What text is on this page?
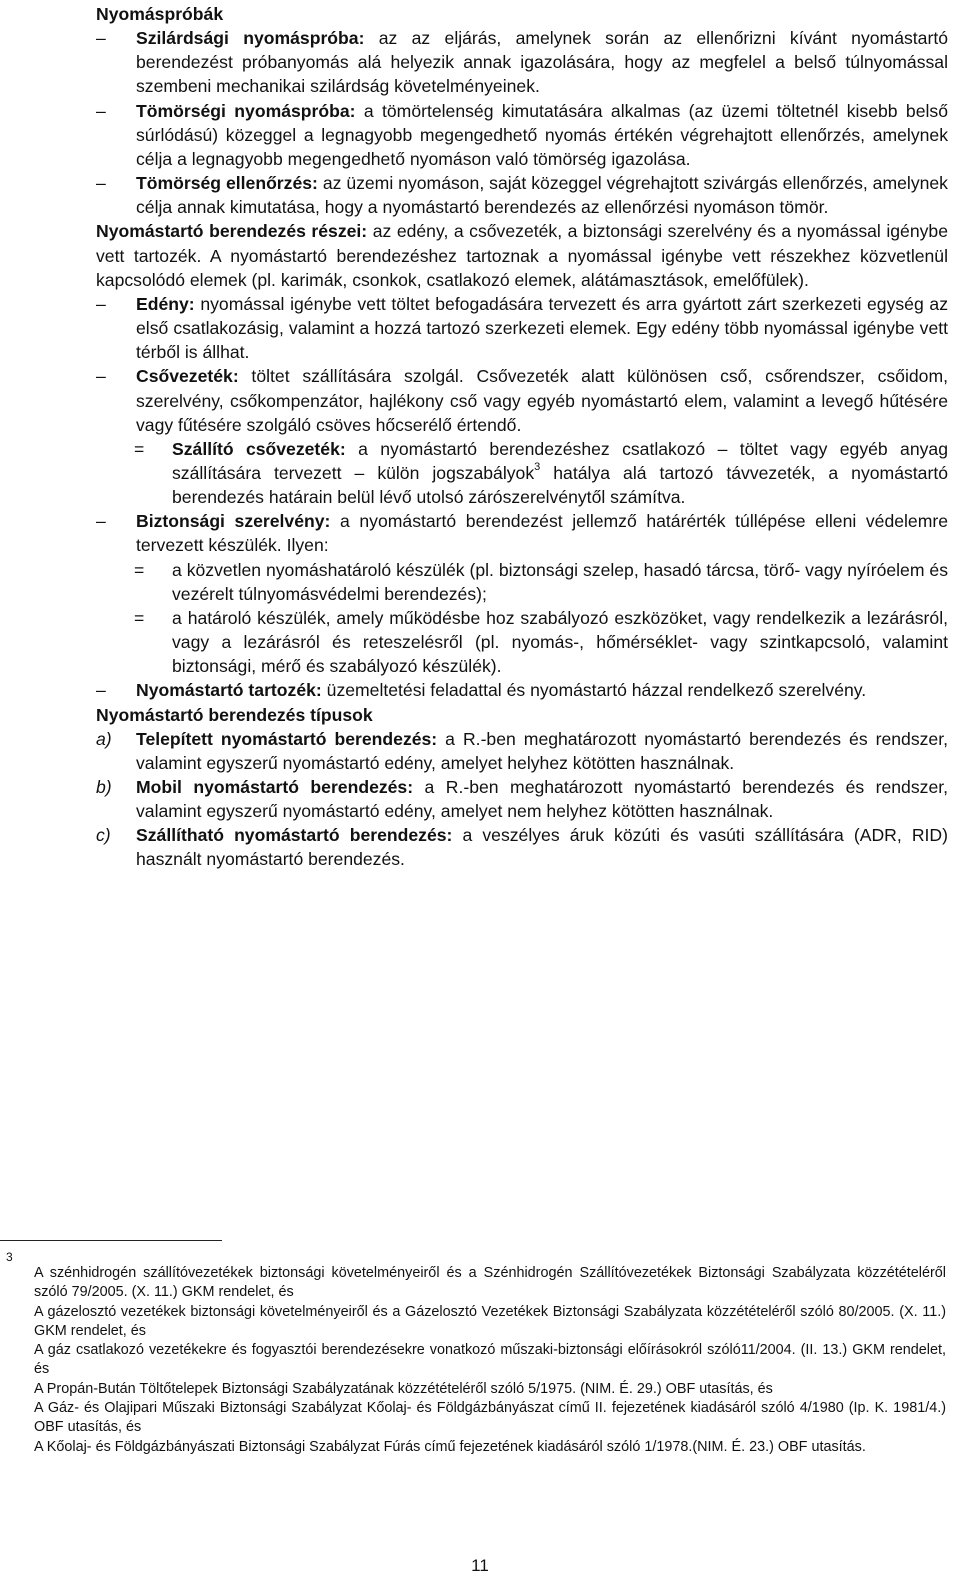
Nyomáspróbák

–	Szilárdsági nyomáspróba: az az eljárás, amelynek során az ellenőrizni kívánt nyomástartó berendezést próbanyomás alá helyezik annak igazolására, hogy az megfelel a belső túlnyomással szembeni mechanikai szilárdság követelményeinek.
–	Tömörségi nyomáspróba: a tömörtelenség kimutatására alkalmas (az üzemi töltetnél kisebb belső súrlódású) közeggel a legnagyobb megengedhető nyomás értékén végrehajtott ellenőrzés, amelynek célja a legnagyobb megengedhető nyomáson való tömörség igazolása.
–	Tömörség ellenőrzés: az üzemi nyomáson, saját közeggel végrehajtott szivárgás ellenőrzés, amelynek célja annak kimutatása, hogy a nyomástartó berendezés az ellenőrzési nyomáson tömör.

Nyomástartó berendezés részei: az edény, a csővezeték, a biztonsági szerelvény és a nyomással igénybe vett tartozék. A nyomástartó berendezéshez tartoznak a nyomással igénybe vett részekhez közvetlenül kapcsolódó elemek (pl. karimák, csonkok, csatlakozó elemek, alátámasztások, emelőfülek).

–	Edény: nyomással igénybe vett töltet befogadására tervezett és arra gyártott zárt szerkezeti egység az első csatlakozásig, valamint a hozzá tartozó szerkezeti elemek. Egy edény több nyomással igénybe vett térből is állhat.
–	Csővezeték: töltet szállítására szolgál. Csővezeték alatt különösen cső, csőrendszer, csőidom, szerelvény, csőkompenzátor, hajlékony cső vagy egyéb nyomástartó elem, valamint a levegő hűtésére vagy fűtésére szolgáló csöves hőcserélő értendő.
=	Szállító csővezeték: a nyomástartó berendezéshez csatlakozó – töltet vagy egyéb anyag szállítására tervezett – külön jogszabályok$^3$ hatálya alá tartozó távvezeték, a nyomástartó berendezés határain belül lévő utolsó zárószerelvénytől számítva.
–	Biztonsági szerelvény: a nyomástartó berendezést jellemző határérték túllépése elleni védelemre tervezett készülék. Ilyen:
=	a közvetlen nyomáshatároló készülék (pl. biztonsági szelep, hasadó tárcsa, törő- vagy nyíróelem és vezérelt túlnyomásvédelmi berendezés);
=	a határoló készülék, amely működésbe hoz szabályozó eszközöket, vagy rendelkezik a lezárásról, vagy a lezárásról és reteszelésről (pl. nyomás-, hőmérséklet- vagy szintkapcsoló, valamint biztonsági, mérő és szabályozó készülék).
–	Nyomástartó tartozék: üzemeltetési feladattal és nyomástartó házzal rendelkező szerelvény.

Nyomástartó berendezés típusok

a)	Telepített nyomástartó berendezés: a R.-ben meghatározott nyomástartó berendezés és rendszer, valamint egyszerű nyomástartó edény, amelyet helyhez kötötten használnak.
b)	Mobil nyomástartó berendezés: a R.-ben meghatározott nyomástartó berendezés és rendszer, valamint egyszerű nyomástartó edény, amelyet nem helyhez kötötten használnak.
c)	Szállítható nyomástartó berendezés: a veszélyes áruk közúti és vasúti szállítására (ADR, RID) használt nyomástartó berendezés.
3

A szénhidrogén szállítóvezetékek biztonsági követelményeiről és a Szénhidrogén Szállítóvezetékek Biztonsági Szabályzata közzétételéről szóló 79/2005. (X. 11.) GKM rendelet, és

A gázelosztó vezetékek biztonsági követelményeiről és a Gázelosztó Vezetékek Biztonsági Szabályzata közzétételéről szóló 80/2005. (X. 11.) GKM rendelet, és

A gáz csatlakozó vezetékekre és fogyasztói berendezésekre vonatkozó műszaki-biztonsági előírásokról szóló11/2004. (II. 13.) GKM rendelet, és

A Propán-Bután Töltőtelepek Biztonsági Szabályzatának közzétételéről szóló 5/1975. (NIM. É. 29.) OBF utasítás, és

A Gáz- és Olajipari Műszaki Biztonsági Szabályzat Kőolaj- és Földgázbányászat című II. fejezetének kiadásáról szóló 4/1980 (Ip. K. 1981/4.) OBF utasítás, és

A Kőolaj- és Földgázbányászati Biztonsági Szabályzat Fúrás című fejezetének kiadásáról szóló 1/1978.(NIM. É. 23.) OBF utasítás.

11
